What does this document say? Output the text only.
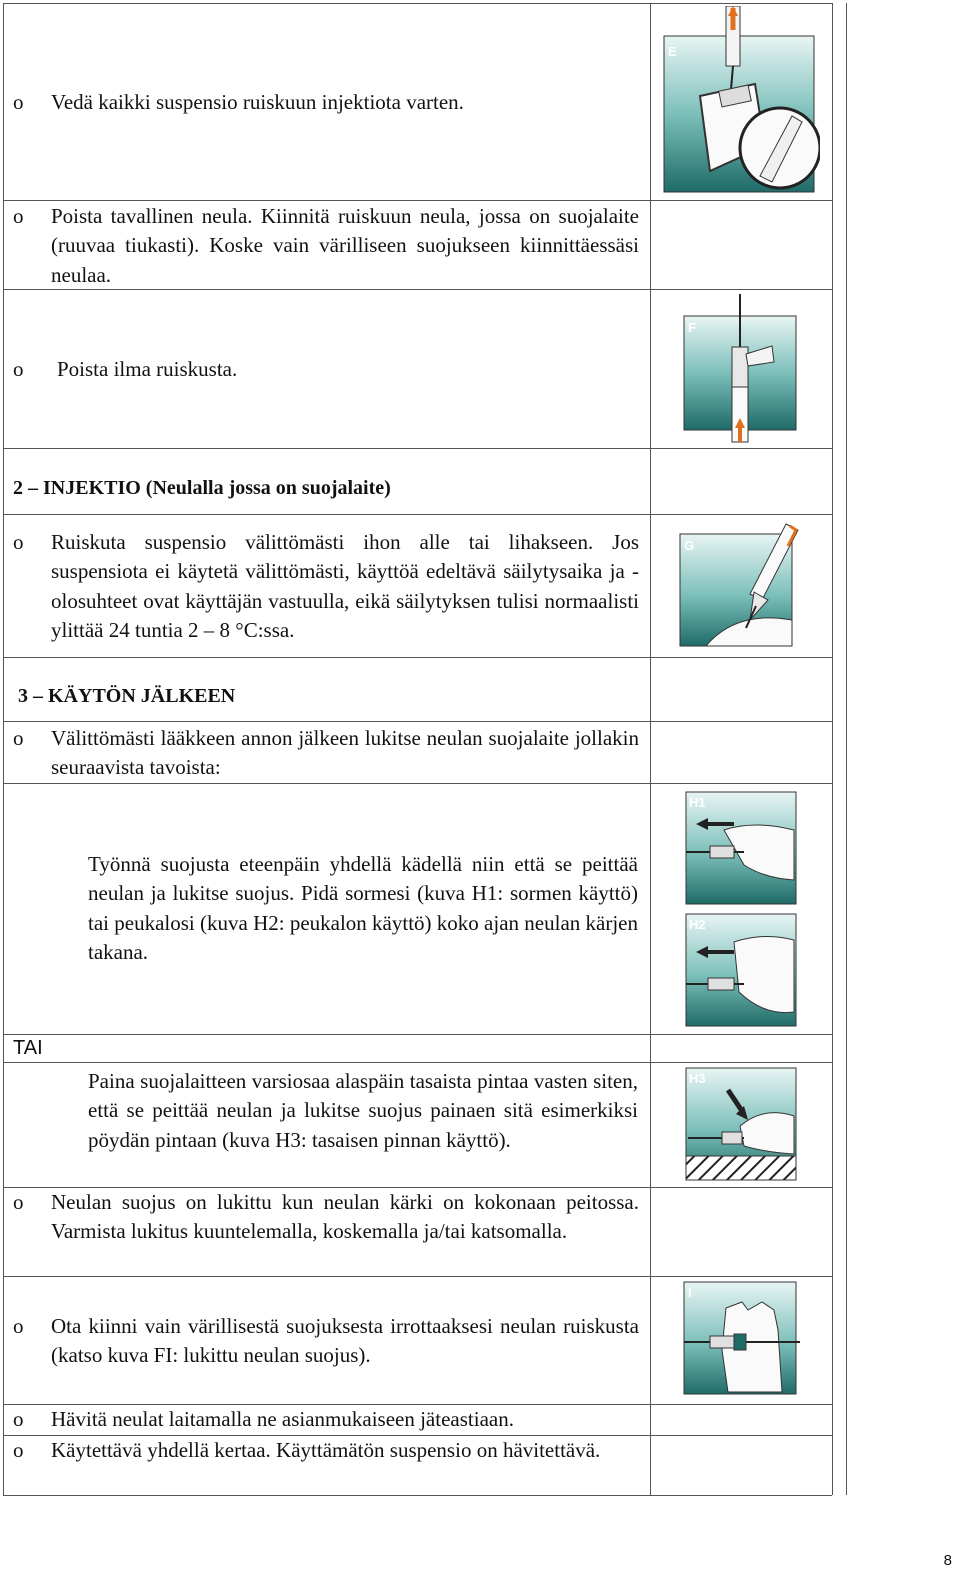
o Vedä kaikki suspensio ruiskuun injektiota varten.
o Poista tavallinen neula. Kiinnitä ruiskuun neula, jossa on suojalaite (ruuvaa tiukasti). Koske vain värilliseen suojukseen kiinnittäessäsi neulaa.
o Poista ilma ruiskusta.
2 – INJEKTIO (Neulalla jossa on suojalaite)
o Ruiskuta suspensio välittömästi ihon alle tai lihakseen. Jos suspensiota ei käytetä välittömästi, käyttöä edeltävä säilytysaika ja - olosuhteet ovat käyttäjän vastuulla, eikä säilytyksen tulisi normaalisti ylittää 24 tuntia 2 – 8 °C:ssa.
3 – KÄYTÖN JÄLKEEN
o Välittömästi lääkkeen annon jälkeen lukitse neulan suojalaite jollakin seuraavista tavoista:
Työnnä suojusta eteenpäin yhdellä kädellä niin että se peittää neulan ja lukitse suojus. Pidä sormesi (kuva H1: sormen käyttö) tai peukalosi (kuva H2: peukalon käyttö) koko ajan neulan kärjen takana.
TAI
Paina suojalaitteen varsiosaa alaspäin tasaista pintaa vasten siten, että se peittää neulan ja lukitse suojus painaen sitä esimerkiksi pöydän pintaan (kuva H3: tasaisen pinnan käyttö).
o Neulan suojus on lukittu kun neulan kärki on kokonaan peitossa. Varmista lukitus kuuntelemalla, koskemalla ja/tai katsomalla.
o Ota kiinni vain värillisestä suojuksesta irrottaaksesi neulan ruiskusta (katso kuva FI: lukittu neulan suojus).
o Hävitä neulat laitamalla ne asianmukaiseen jäteastiaan.
o Käytettävä yhdellä kertaa. Käyttämätön suspensio on hävitettävä.
E
F
G
H1
H2
H3
I
8
